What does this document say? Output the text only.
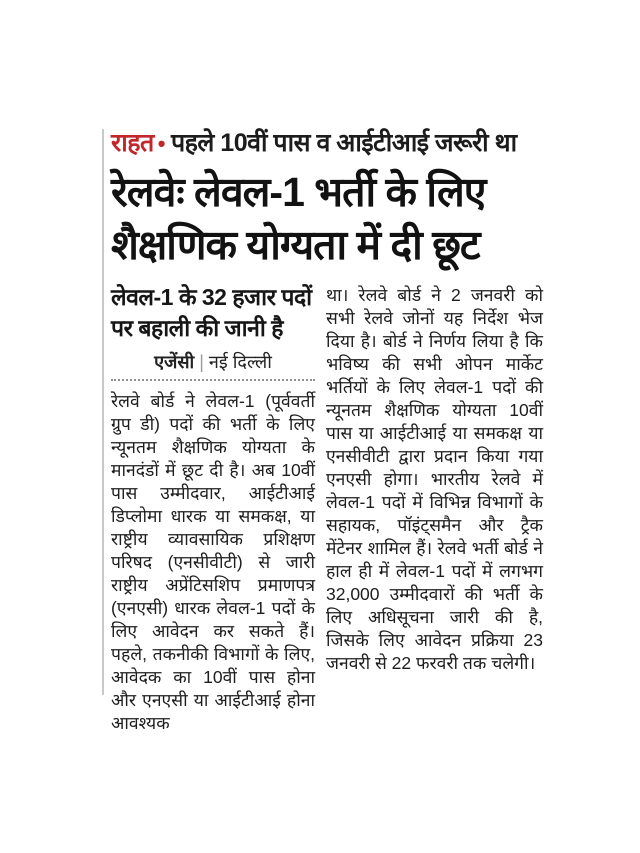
राहत • पहले 10वीं पास व आईटीआई जरूरी था
रेलवेः लेवल-1 भर्ती के लिए
शैक्षणिक योग्यता में दी छूट
लेवल-1 के 32 हजार पदों
पर बहाली की जानी है
एजेंसी | नई दिल्ली

रेलवे बोर्ड ने लेवल-1 (पूर्ववर्ती ग्रुप डी) पदों की भर्ती के लिए न्यूनतम शैक्षणिक योग्यता के मानदंडों में छूट दी है। अब 10वीं पास उम्मीदवार, आईटीआई डिप्लोमा धारक या समकक्ष, या राष्ट्रीय व्यावसायिक प्रशिक्षण परिषद (एनसीवीटी) से जारी राष्ट्रीय अप्रेंटिसशिप प्रमाणपत्र (एनएसी) धारक लेवल-1 पदों के लिए आवेदन कर सकते हैं। पहले, तकनीकी विभागों के लिए, आवेदक का 10वीं पास होना और एनएसी या आईटीआई होना आवश्यक

था। रेलवे बोर्ड ने 2 जनवरी को सभी रेलवे जोनों यह निर्देश भेज दिया है। बोर्ड ने निर्णय लिया है कि भविष्य की सभी ओपन मार्केट भर्तियों के लिए लेवल-1 पदों की न्यूनतम शैक्षणिक योग्यता 10वीं पास या आईटीआई या समकक्ष या एनसीवीटी द्वारा प्रदान किया गया एनएसी होगा। भारतीय रेलवे में लेवल-1 पदों में विभिन्न विभागों के सहायक, पॉइंट्समैन और ट्रैक मेंटेनर शामिल हैं। रेलवे भर्ती बोर्ड ने हाल ही में लेवल-1 पदों में लगभग 32,000 उम्मीदवारों की भर्ती के लिए अधिसूचना जारी की है, जिसके लिए आवेदन प्रक्रिया 23 जनवरी से 22 फरवरी तक चलेगी।
